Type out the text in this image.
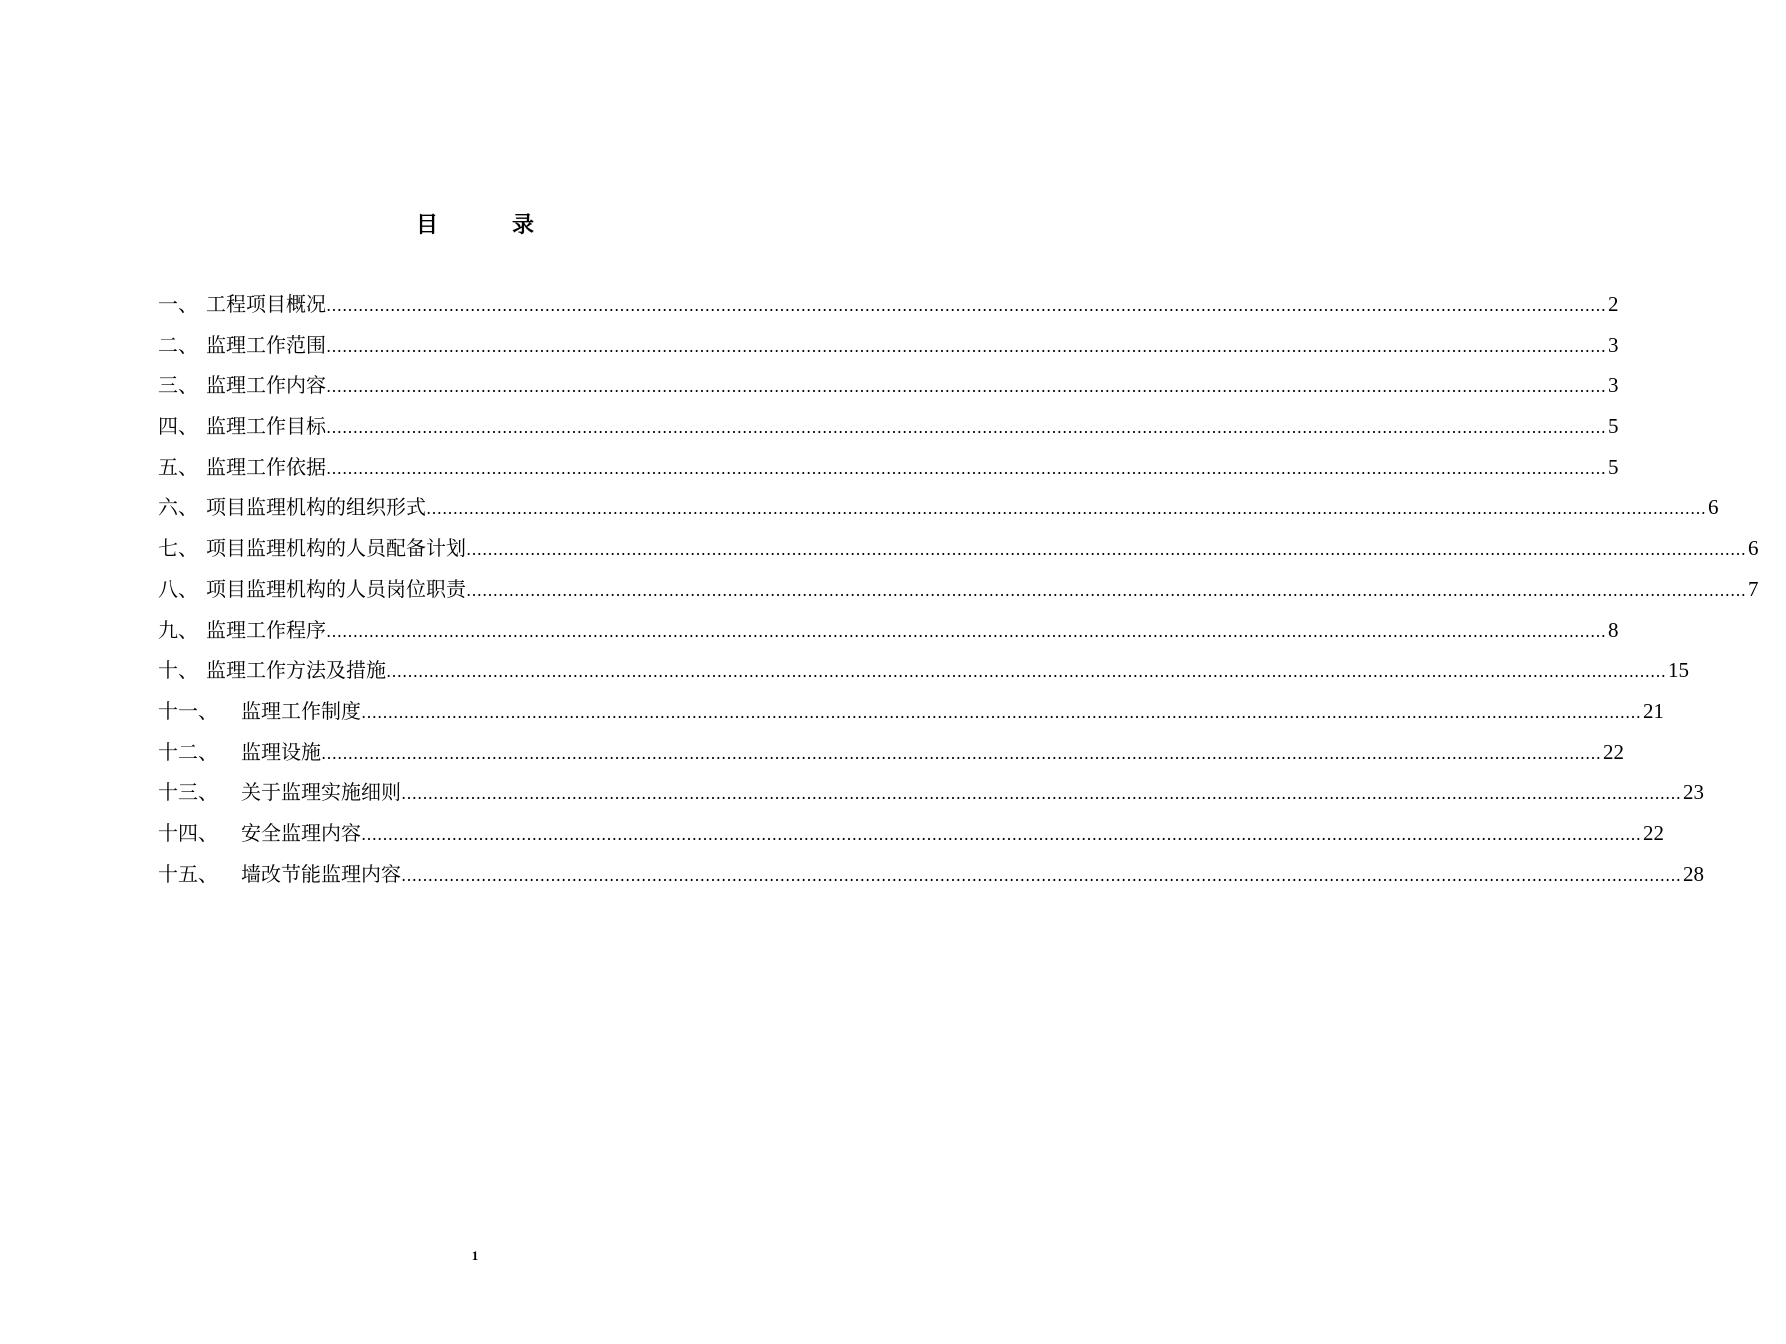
目　录
一、 工程项目概况 …………………………………………………………………………………………………………………………………………………………………………………………………………………… 2
二、 监理工作范围 …………………………………………………………………………………………………………………………………………………………………………………………………………………… 3
三、 监理工作内容 …………………………………………………………………………………………………………………………………………………………………………………………………………………… 3
四、 监理工作目标 …………………………………………………………………………………………………………………………………………………………………………………………………………………… 5
五、 监理工作依据 …………………………………………………………………………………………………………………………………………………………………………………………………………………… 5
六、 项目监理机构的组织形式 …………………………………………………………………………………………………………………………………………………………………………………………………………………… 6
七、 项目监理机构的人员配备计划 …………………………………………………………………………………………………………………………………………………………………………………………………………………… 6
八、 项目监理机构的人员岗位职责 …………………………………………………………………………………………………………………………………………………………………………………………………………………… 7
九、 监理工作程序 …………………………………………………………………………………………………………………………………………………………………………………………………………………… 8
十、 监理工作方法及措施 …………………………………………………………………………………………………………………………………………………………………………………………………………………… 15
十一、	监理工作制度 …………………………………………………………………………………………………………………………………………………………………………………………………………………… 21
十二、	监理设施 …………………………………………………………………………………………………………………………………………………………………………………………………………………… 22
十三、	关于监理实施细则 …………………………………………………………………………………………………………………………………………………………………………………………………………………… 23
十四、	安全监理内容 …………………………………………………………………………………………………………………………………………………………………………………………………………………… 22
十五、	墙改节能监理内容 …………………………………………………………………………………………………………………………………………………………………………………………………………………… 28
1
